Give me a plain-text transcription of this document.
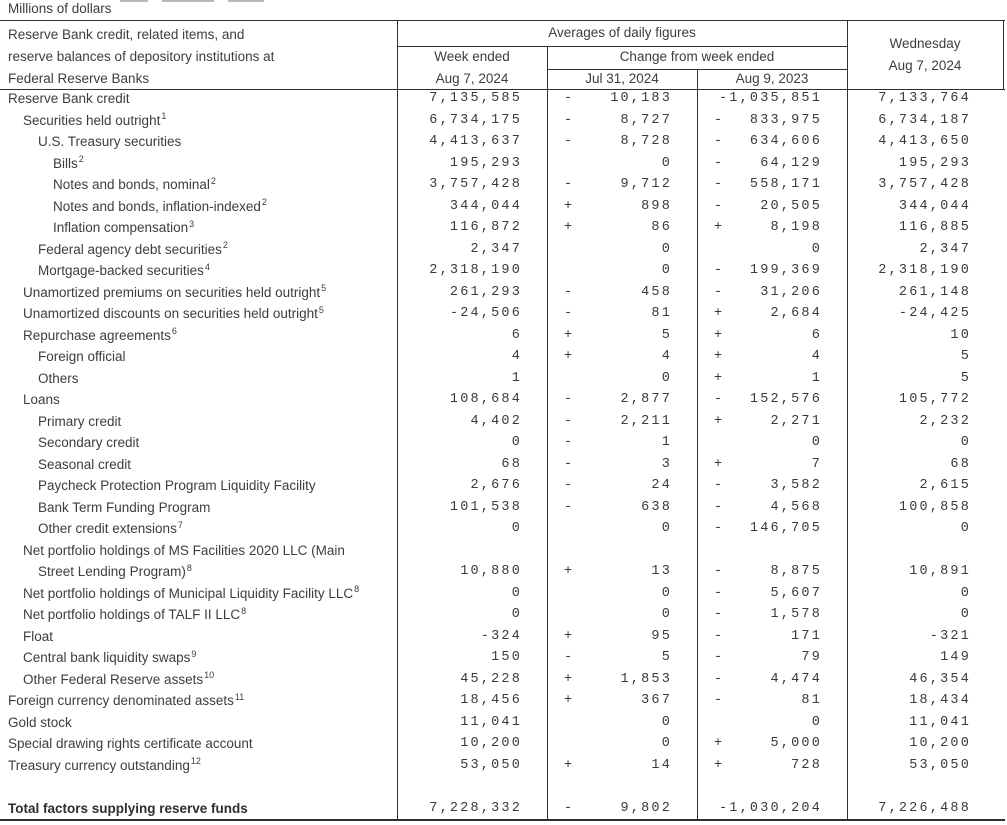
Millions of dollars
Reserve Bank credit, related items, and
reserve balances of depository institutions at
Federal Reserve Banks
Averages of daily figures
Week ended
Aug 7, 2024
Change from week ended
Jul 31, 2024	Aug 9, 2023
Wednesday
Aug 7, 2024
Reserve Bank credit	7,135,585	-	10,183	-1,035,851	7,133,764
Securities held outright$^1$	6,734,175	-	8,727	- 833,975	6,734,187
U.S. Treasury securities	4,413,637	-	8,728	- 634,606	4,413,650
Bills$^2$	195,293	0	-	64,129	195,293
Notes and bonds, nominal$^2$	3,757,428	-	9,712	- 558,171	3,757,428
Notes and bonds, inflation-indexed$^2$	344,044	+	898	-	20,505	344,044
Inflation compensation$^3$	116,872	+	86	+	8,198	116,885
Federal agency debt securities$^2$	2,347	0	0	2,347
Mortgage-backed securities$^4$	2,318,190	0	- 199,369	2,318,190
Unamortized premiums on securities held outright$^5$	261,293	-	458	-	31,206	261,148
Unamortized discounts on securities held outright$^5$	-24,506	-	81	+	2,684	-24,425
Repurchase agreements$^6$	6	+	5	+	6	10
Foreign official	4	+	4	+	4	5
Others	1	0	+	1	5
Loans	108,684	-	2,877	- 152,576	105,772
Primary credit	4,402	-	2,211	+	2,271	2,232
Secondary credit	0	-	1	0	0
Seasonal credit	68	-	3	+	7	68
Paycheck Protection Program Liquidity Facility	2,676	-	24	-	3,582	2,615
Bank Term Funding Program	101,538	-	638	-	4,568	100,858
Other credit extensions$^7$	0	0	- 146,705	0
Net portfolio holdings of MS Facilities 2020 LLC (Main
Street Lending Program)$^8$	10,880	+	13	-	8,875	10,891
Net portfolio holdings of Municipal Liquidity Facility LLC$^8$	0	0	-	5,607	0
Net portfolio holdings of TALF II LLC$^8$	0	0	-	1,578	0
Float	-324	+	95	-	171	-321
Central bank liquidity swaps$^9$	150	-	5	-	79	149
Other Federal Reserve assets$^{10}$	45,228	+	1,853	-	4,474	46,354
Foreign currency denominated assets$^{11}$	18,456	+	367	-	81	18,434
Gold stock	11,041	0	0	11,041
Special drawing rights certificate account	10,200	0	+	5,000	10,200
Treasury currency outstanding$^{12}$	53,050	+	14	+	728	53,050
Total factors supplying reserve funds	7,228,332	-	9,802	-1,030,204	7,226,488
